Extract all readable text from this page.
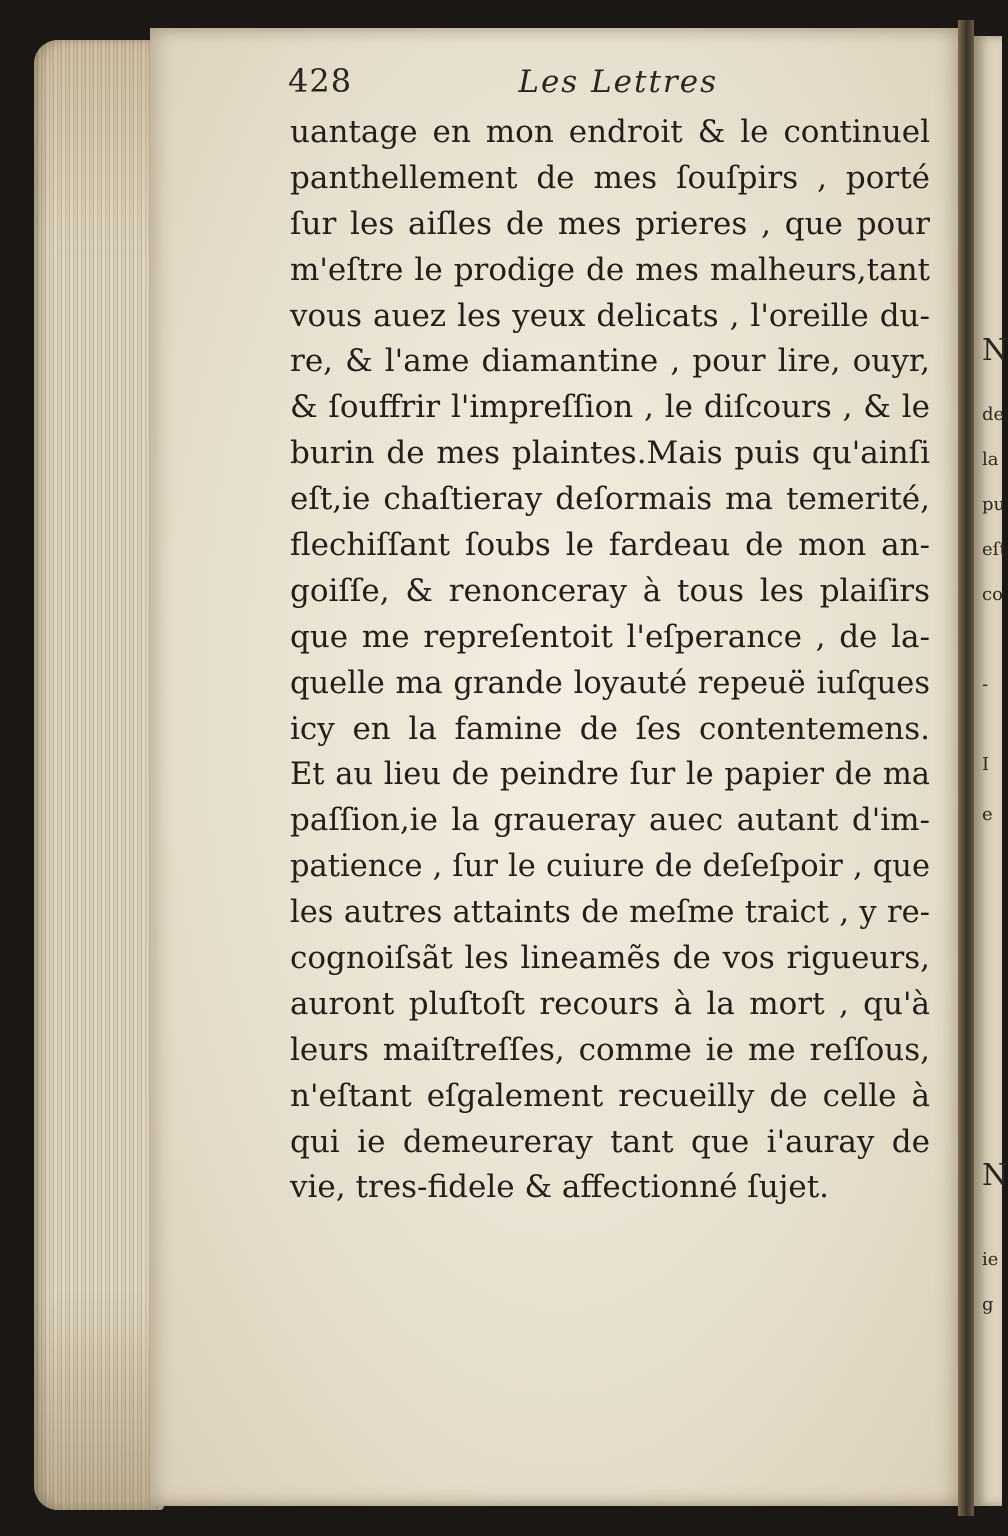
N
de
la
pu
eſt
co
-
I
e
N
ie
g
428	Les Lettres
uantage en mon endroit & le continuel
panthellement de mes ſouſpirs , porté
ſur les aiſles de mes prieres , que pour
m'eſtre le prodige de mes malheurs,tant
vous auez les yeux delicats , l'oreille du-
re, & l'ame diamantine , pour lire, ouyr,
& ſouffrir l'impreſſion , le diſcours , & le
burin de mes plaintes.Mais puis qu'ainſi
eſt,ie chaſtieray deſormais ma temerité,
flechiſſant ſoubs le fardeau de mon an-
goiſſe, & renonceray à tous les plaiſirs
que me repreſentoit l'eſperance , de la-
quelle ma grande loyauté repeuë iuſques
icy en la famine de ſes contentemens.
Et au lieu de peindre ſur le papier de ma
paſſion,ie la graueray auec autant d'im-
patience , ſur le cuiure de deſeſpoir , que
les autres attaints de meſme traict , y re-
cognoiſsãt les lineamẽs de vos rigueurs,
auront pluſtoſt recours à la mort , qu'à
leurs maiſtreſſes, comme ie me reſſous,
n'eſtant eſgalement recueilly de celle à
qui ie demeureray tant que i'auray de
vie, tres-fidele & affectionné ſujet.
